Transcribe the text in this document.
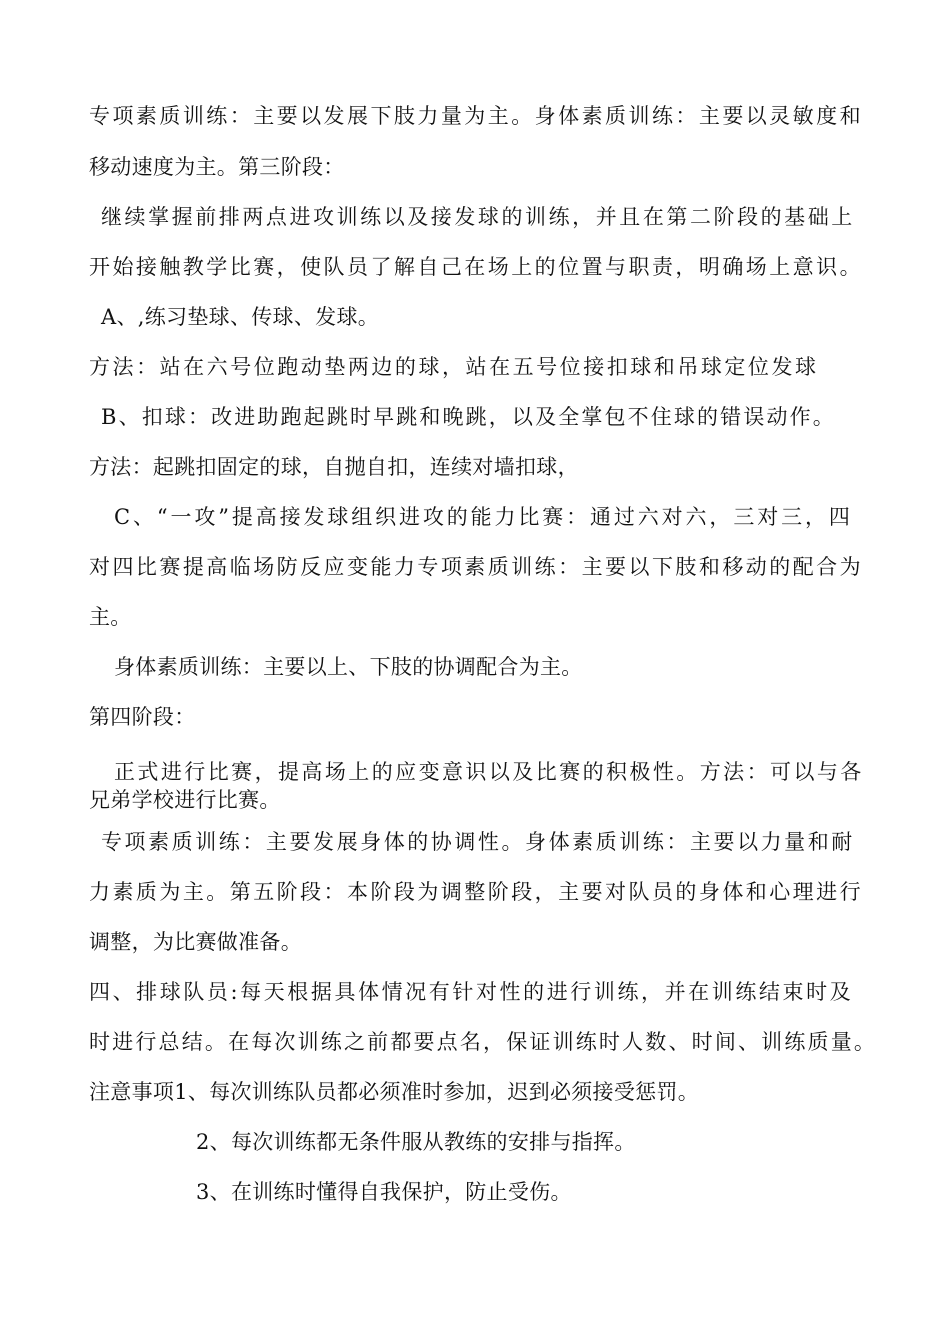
专项素质训练：主要以发展下肢力量为主。身体素质训练：主要以灵敏度和
移动速度为主。第三阶段：
继续掌握前排两点进攻训练以及接发球的训练，并且在第二阶段的基础上
开始接触教学比赛，使队员了解自己在场上的位置与职责，明确场上意识。
A、,练习垫球、传球、发球。
方法：站在六号位跑动垫两边的球，站在五号位接扣球和吊球定位发球
B、扣球：改进助跑起跳时早跳和晚跳，以及全掌包不住球的错误动作。
方法：起跳扣固定的球，自抛自扣，连续对墙扣球，
C、“一攻”提高接发球组织进攻的能力比赛：通过六对六，三对三，四
对四比赛提高临场防反应变能力专项素质训练：主要以下肢和移动的配合为
主。
身体素质训练：主要以上、下肢的协调配合为主。
第四阶段：
正式进行比赛，提高场上的应变意识以及比赛的积极性。方法：可以与各
兄弟学校进行比赛。
专项素质训练：主要发展身体的协调性。身体素质训练：主要以力量和耐
力素质为主。第五阶段：本阶段为调整阶段，主要对队员的身体和心理进行
调整，为比赛做准备。
四、排球队员:每天根据具体情况有针对性的进行训练，并在训练结束时及
时进行总结。在每次训练之前都要点名，保证训练时人数、时间、训练质量。
注意事项1、每次训练队员都必须准时参加，迟到必须接受惩罚。
2、每次训练都无条件服从教练的安排与指挥。
3、在训练时懂得自我保护，防止受伤。
